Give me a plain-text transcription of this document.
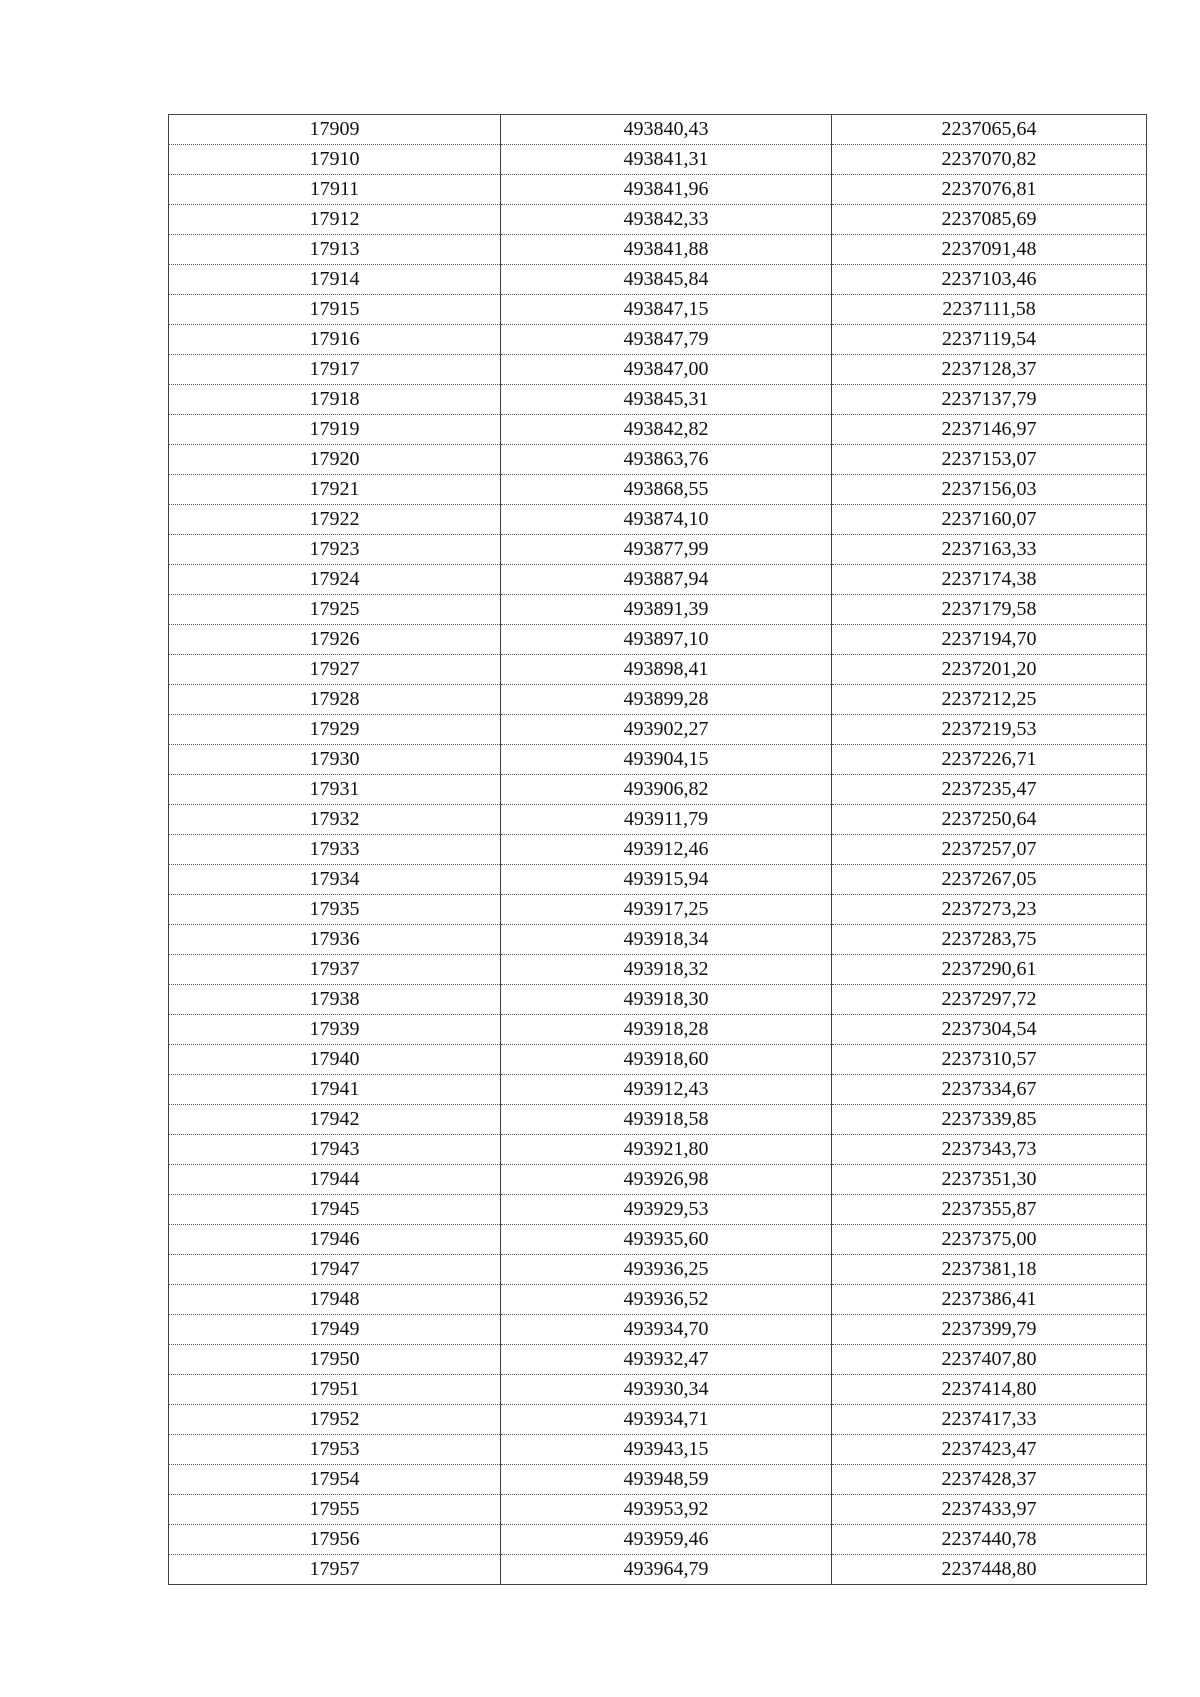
17909	493840,43	2237065,64
17910	493841,31	2237070,82
17911	493841,96	2237076,81
17912	493842,33	2237085,69
17913	493841,88	2237091,48
17914	493845,84	2237103,46
17915	493847,15	2237111,58
17916	493847,79	2237119,54
17917	493847,00	2237128,37
17918	493845,31	2237137,79
17919	493842,82	2237146,97
17920	493863,76	2237153,07
17921	493868,55	2237156,03
17922	493874,10	2237160,07
17923	493877,99	2237163,33
17924	493887,94	2237174,38
17925	493891,39	2237179,58
17926	493897,10	2237194,70
17927	493898,41	2237201,20
17928	493899,28	2237212,25
17929	493902,27	2237219,53
17930	493904,15	2237226,71
17931	493906,82	2237235,47
17932	493911,79	2237250,64
17933	493912,46	2237257,07
17934	493915,94	2237267,05
17935	493917,25	2237273,23
17936	493918,34	2237283,75
17937	493918,32	2237290,61
17938	493918,30	2237297,72
17939	493918,28	2237304,54
17940	493918,60	2237310,57
17941	493912,43	2237334,67
17942	493918,58	2237339,85
17943	493921,80	2237343,73
17944	493926,98	2237351,30
17945	493929,53	2237355,87
17946	493935,60	2237375,00
17947	493936,25	2237381,18
17948	493936,52	2237386,41
17949	493934,70	2237399,79
17950	493932,47	2237407,80
17951	493930,34	2237414,80
17952	493934,71	2237417,33
17953	493943,15	2237423,47
17954	493948,59	2237428,37
17955	493953,92	2237433,97
17956	493959,46	2237440,78
17957	493964,79	2237448,80
